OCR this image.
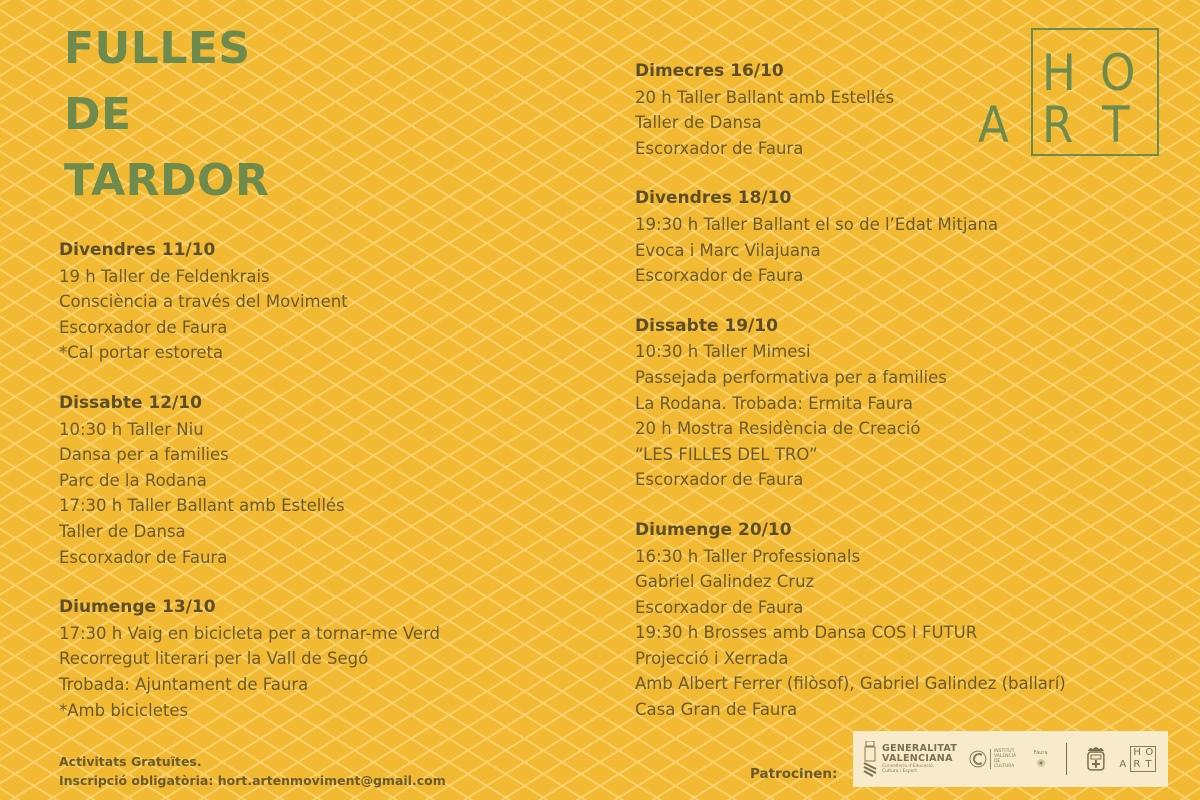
FULLES
DE
TARDOR
H O
A R T
Divendres 11/10
19 h Taller de Feldenkrais
Consciència a través del Moviment
Escorxador de Faura
*Cal portar estoreta
Dissabte 12/10
10:30 h Taller Niu
Dansa per a families
Parc de la Rodana
17:30 h Taller Ballant amb Estellés
Taller de Dansa
Escorxador de Faura
Diumenge 13/10
17:30 h Vaig en bicicleta per a tornar-me Verd
Recorregut literari per la Vall de Segó
Trobada: Ajuntament de Faura
*Amb bicicletes
Dimecres 16/10
20 h Taller Ballant amb Estellés
Taller de Dansa
Escorxador de Faura
Divendres 18/10
19:30 h Taller Ballant el so de l’Edat Mitjana
Evoca i Marc Vilajuana
Escorxador de Faura
Dissabte 19/10
10:30 h Taller Mimesi
Passejada performativa per a families
La Rodana. Trobada: Ermita Faura
20 h Mostra Residència de Creació
“LES FILLES DEL TRO”
Escorxador de Faura
Diumenge 20/10
16:30 h Taller Professionals
Gabriel Galindez Cruz
Escorxador de Faura
19:30 h Brosses amb Dansa COS I FUTUR
Projecció i Xerrada
Amb Albert Ferrer (filòsof), Gabriel Galindez (ballarí)
Casa Gran de Faura
Activitats Gratuïtes.
Inscripció obligatòria: hort.artenmoviment@gmail.com	Patrocinen:
GENERALITAT
VALENCIANA
Conselleria d'Educació,
Cultura i Esport
INSTITUT
VALENCIÀ
DE CULTURA
Faura	H O
A R T
